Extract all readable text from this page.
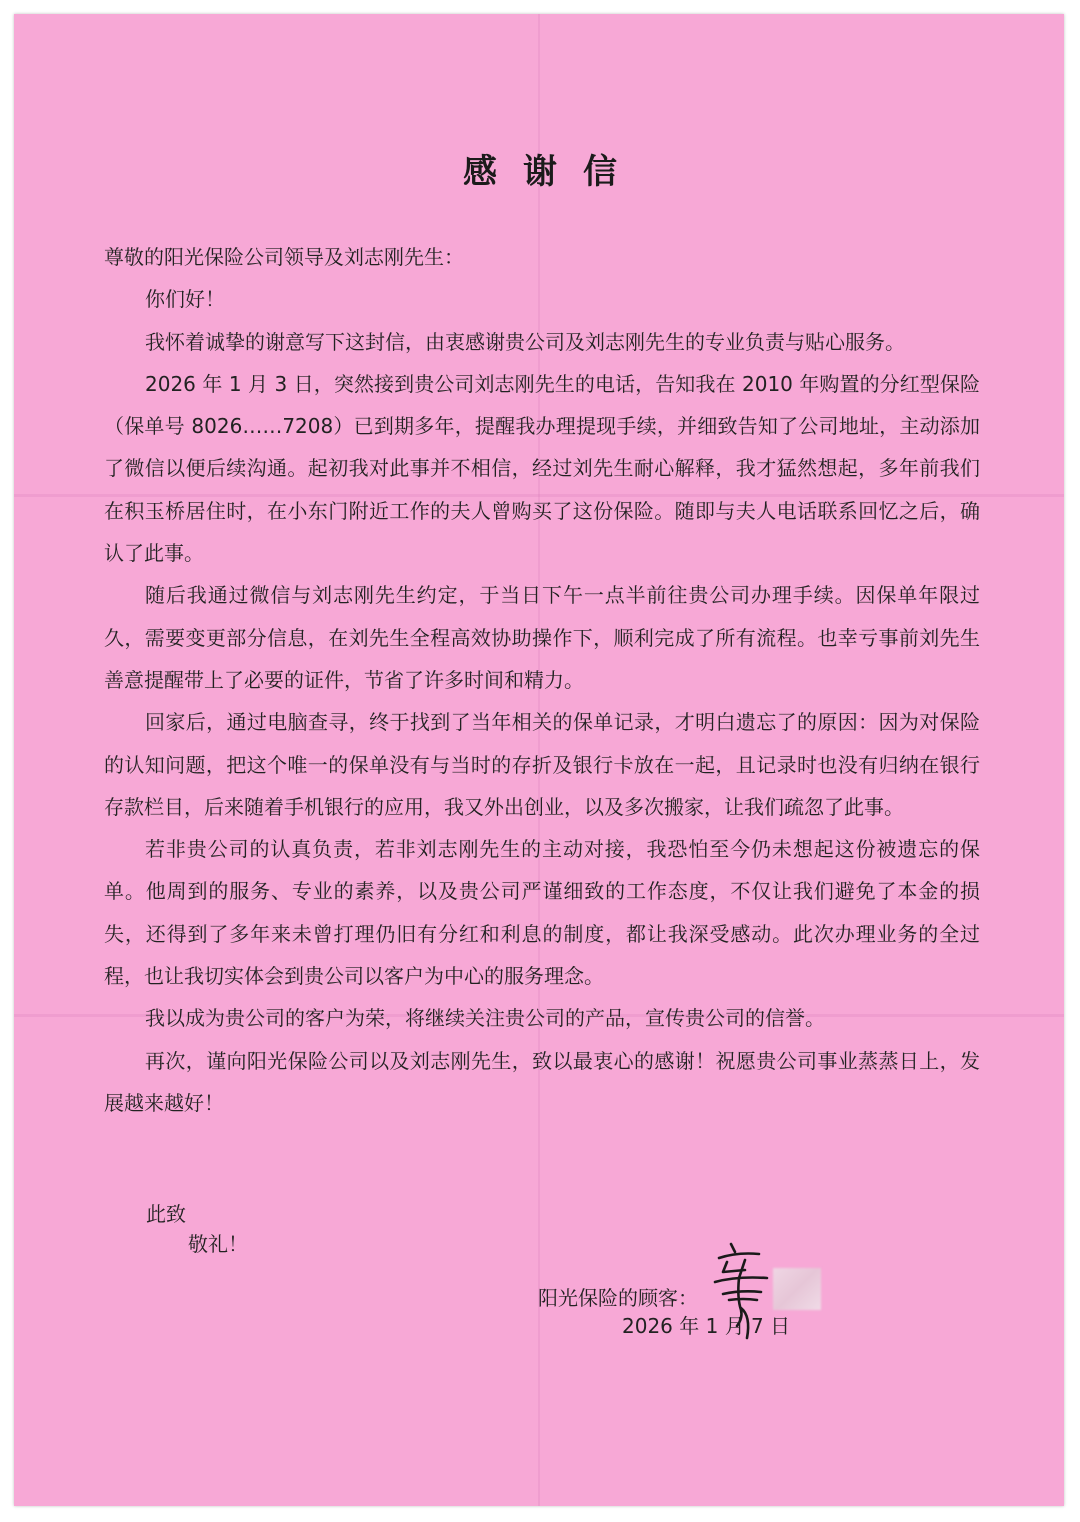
感谢信

尊敬的阳光保险公司领导及刘志刚先生：

你们好！

我怀着诚挚的谢意写下这封信，由衷感谢贵公司及刘志刚先生的专业负责与贴心服务。

2026 年 1 月 3 日，突然接到贵公司刘志刚先生的电话，告知我在 2010 年购置的分红型保险（保单号 8026……7208）已到期多年，提醒我办理提现手续，并细致告知了公司地址，主动添加了微信以便后续沟通。起初我对此事并不相信，经过刘先生耐心解释，我才猛然想起，多年前我们在积玉桥居住时，在小东门附近工作的夫人曾购买了这份保险。随即与夫人电话联系回忆之后，确认了此事。

随后我通过微信与刘志刚先生约定，于当日下午一点半前往贵公司办理手续。因保单年限过久，需要变更部分信息，在刘先生全程高效协助操作下，顺利完成了所有流程。也幸亏事前刘先生善意提醒带上了必要的证件，节省了许多时间和精力。

回家后，通过电脑查寻，终于找到了当年相关的保单记录，才明白遗忘了的原因：因为对保险的认知问题，把这个唯一的保单没有与当时的存折及银行卡放在一起，且记录时也没有归纳在银行存款栏目，后来随着手机银行的应用，我又外出创业，以及多次搬家，让我们疏忽了此事。

若非贵公司的认真负责，若非刘志刚先生的主动对接，我恐怕至今仍未想起这份被遗忘的保单。他周到的服务、专业的素养，以及贵公司严谨细致的工作态度，不仅让我们避免了本金的损失，还得到了多年来未曾打理仍旧有分红和利息的制度，都让我深受感动。此次办理业务的全过程，也让我切实体会到贵公司以客户为中心的服务理念。

我以成为贵公司的客户为荣，将继续关注贵公司的产品，宣传贵公司的信誉。

再次，谨向阳光保险公司以及刘志刚先生，致以最衷心的感谢！祝愿贵公司事业蒸蒸日上，发展越来越好！

此致

敬礼！

阳光保险的顾客：

2026 年 1 月 7 日
